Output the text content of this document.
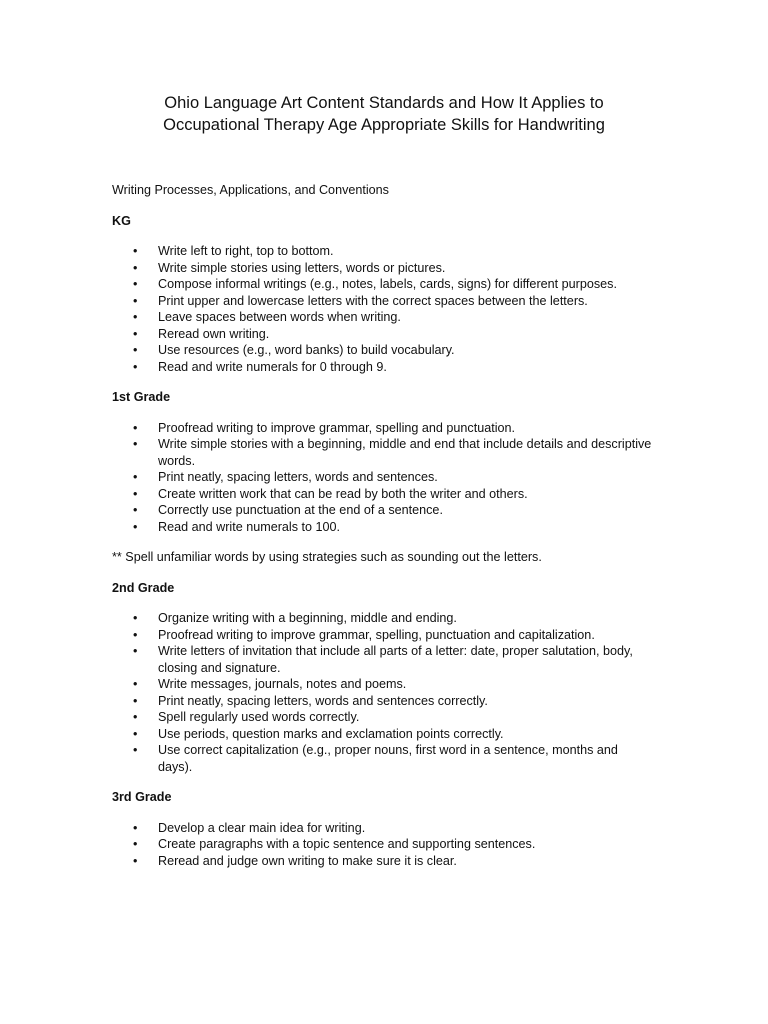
Ohio Language Art Content Standards and How It Applies to
Occupational Therapy Age Appropriate Skills for Handwriting

Writing Processes, Applications, and Conventions

KG

• Write left to right, top to bottom.
• Write simple stories using letters, words or pictures.
• Compose informal writings (e.g., notes, labels, cards, signs) for different purposes.
• Print upper and lowercase letters with the correct spaces between the letters.
• Leave spaces between words when writing.
• Reread own writing.
• Use resources (e.g., word banks) to build vocabulary.
• Read and write numerals for 0 through 9.

1st Grade

• Proofread writing to improve grammar, spelling and punctuation.
• Write simple stories with a beginning, middle and end that include details and descriptive words.
• Print neatly, spacing letters, words and sentences.
• Create written work that can be read by both the writer and others.
• Correctly use punctuation at the end of a sentence.
• Read and write numerals to 100.

** Spell unfamiliar words by using strategies such as sounding out the letters.

2nd Grade

• Organize writing with a beginning, middle and ending.
• Proofread writing to improve grammar, spelling, punctuation and capitalization.
• Write letters of invitation that include all parts of a letter: date, proper salutation, body, closing and signature.
• Write messages, journals, notes and poems.
• Print neatly, spacing letters, words and sentences correctly.
• Spell regularly used words correctly.
• Use periods, question marks and exclamation points correctly.
• Use correct capitalization (e.g., proper nouns, first word in a sentence, months and days).

3rd Grade

• Develop a clear main idea for writing.
• Create paragraphs with a topic sentence and supporting sentences.
• Reread and judge own writing to make sure it is clear.
